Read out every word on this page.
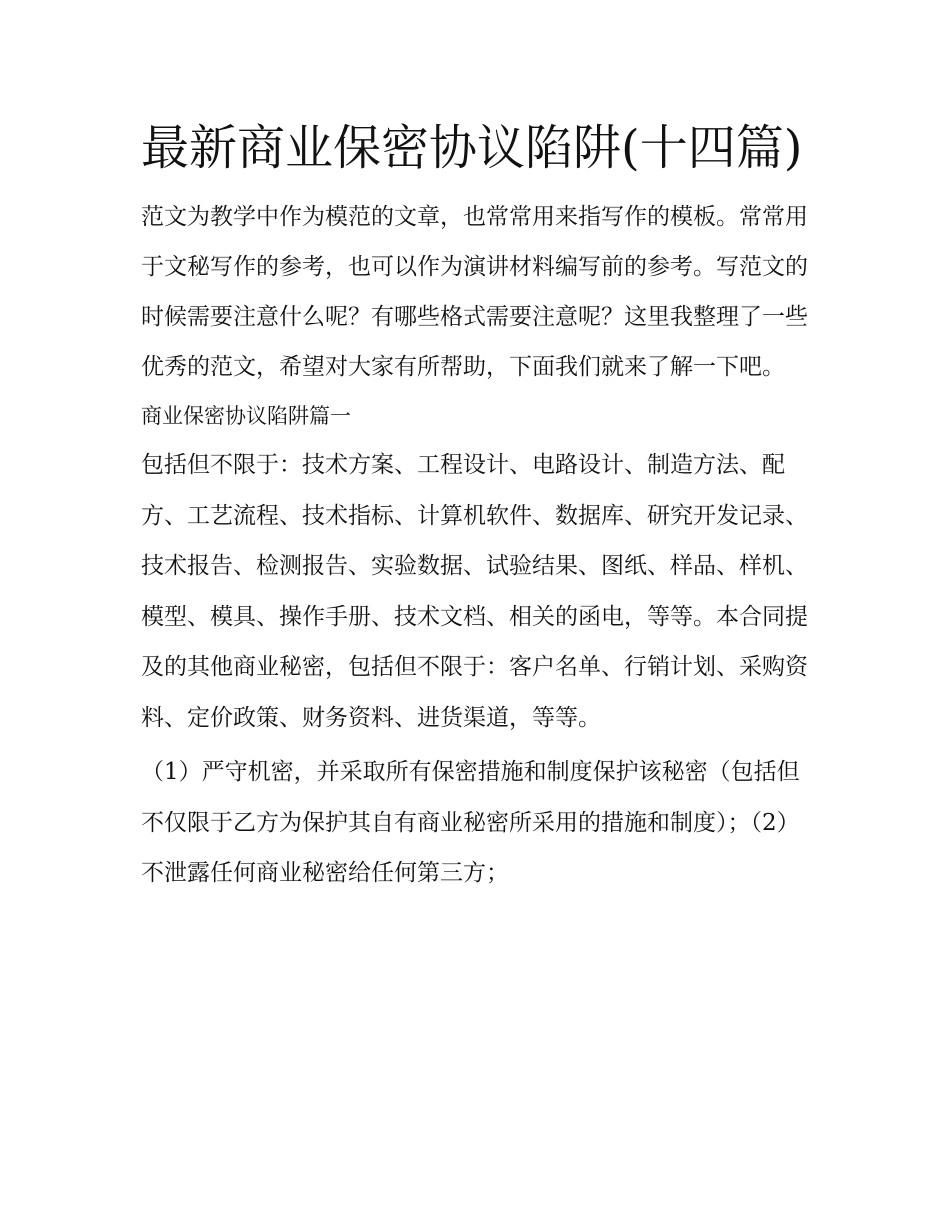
最新商业保密协议陷阱(十四篇)

范文为教学中作为模范的文章，也常常用来指写作的模板。常常用于文秘写作的参考，也可以作为演讲材料编写前的参考。写范文的时候需要注意什么呢？有哪些格式需要注意呢？这里我整理了一些优秀的范文，希望对大家有所帮助，下面我们就来了解一下吧。

商业保密协议陷阱篇一

包括但不限于：技术方案、工程设计、电路设计、制造方法、配方、工艺流程、技术指标、计算机软件、数据库、研究开发记录、技术报告、检测报告、实验数据、试验结果、图纸、样品、样机、模型、模具、操作手册、技术文档、相关的函电，等等。本合同提及的其他商业秘密，包括但不限于：客户名单、行销计划、采购资料、定价政策、财务资料、进货渠道，等等。

（1）严守机密，并采取所有保密措施和制度保护该秘密（包括但不仅限于乙方为保护其自有商业秘密所采用的措施和制度）；（2）不泄露任何商业秘密给任何第三方；
